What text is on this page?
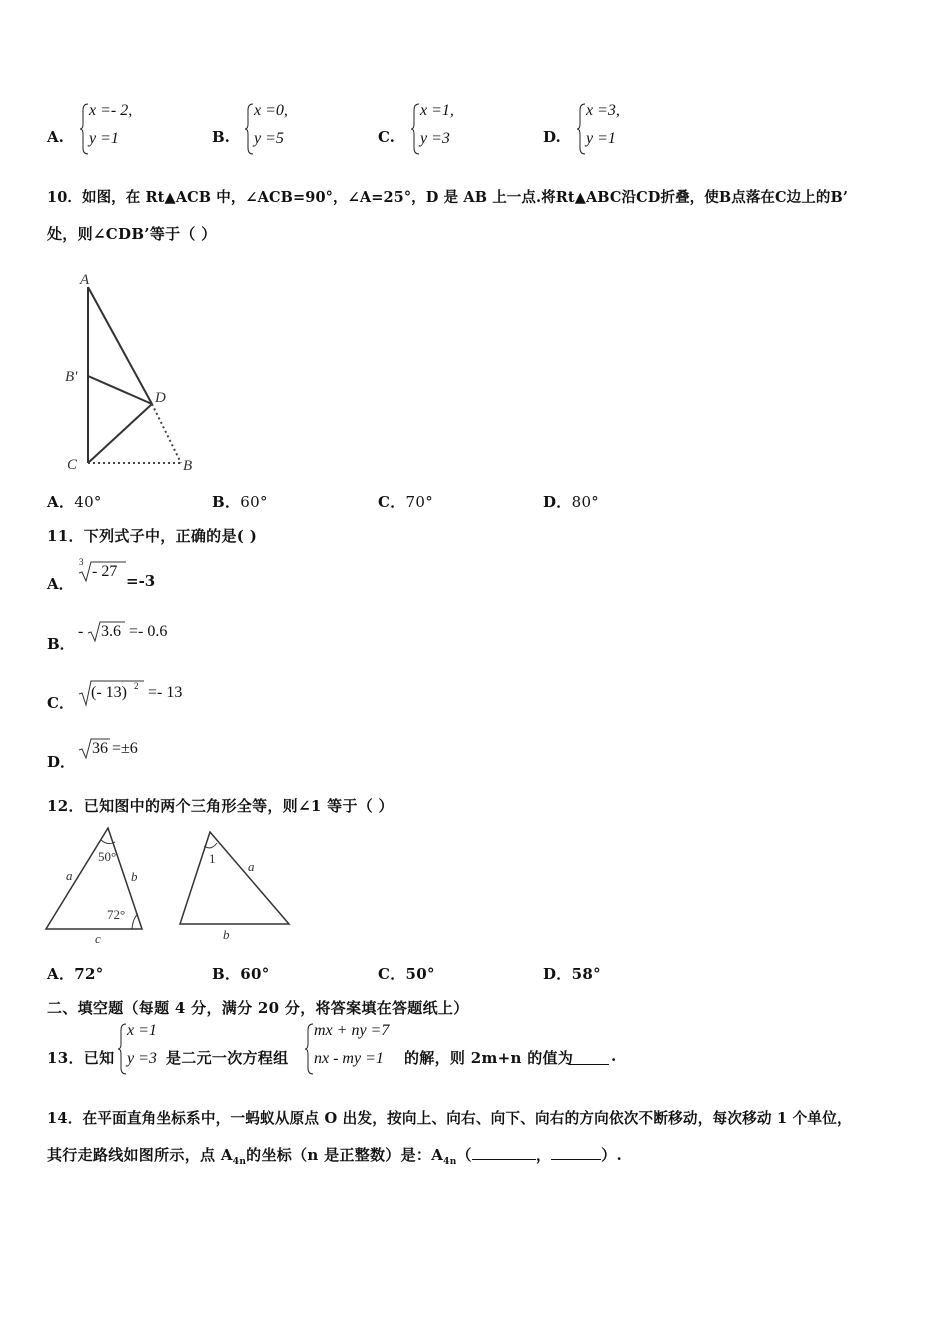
A.
x =- 2,
y =1	B.
x =0,
y =5	C.
x =1,
y =3	D.
x =3,
y =1
10．如图，在 Rt▲ACB 中，∠ACB=90°，∠A=25°，D 是 AB 上一点.将Rt▲ABC沿CD折叠，使B点落在C边上的B’
处，则∠CDB’等于（ ）
A
B'
C
D
B
A．40°	B．60°	C．70°	D．80°
11．下列式子中，正确的是( )
A．
3
- 27
=-3
B．
- 3.6 =- 0.6
C．
(- 13) 2 =- 13
D．
36 =±6
12．已知图中的两个三角形全等，则∠1 等于（ ）
50°
72°
a	b
c
1
a
b
A．72°	B．60°	C．50°	D．58°
二、填空题（每题 4 分，满分 20 分，将答案填在答题纸上）
13．已知
x =1
y =3 是二元一次方程组
mx + ny =7
nx - my =1 的解，则 2m+n 的值为	.
14．在平面直角坐标系中，一蚂蚁从原点 O 出发，按向上、向右、向下、向右的方向依次不断移动，每次移动 1 个单位，
其行走路线如图所示，点 $A_{4n}$的坐标（n 是正整数）是：$A_{4n}$（	，	）.
